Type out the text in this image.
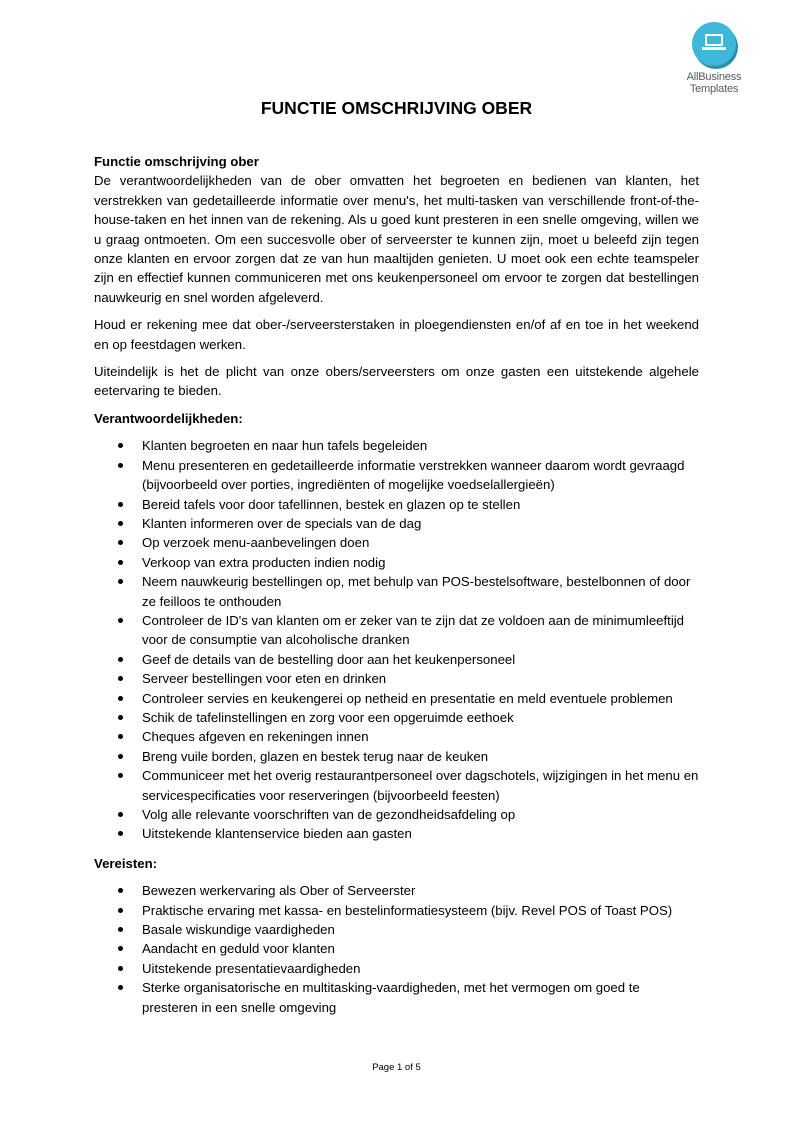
AllBusiness
Templates
FUNCTIE OMSCHRIJVING OBER

Functie omschrijving ober

De verantwoordelijkheden van de ober omvatten het begroeten en bedienen van klanten, het verstrekken van gedetailleerde informatie over menu's, het multi-tasken van verschillende front-of-the-house-taken en het innen van de rekening. Als u goed kunt presteren in een snelle omgeving, willen we u graag ontmoeten. Om een succesvolle ober of serveerster te kunnen zijn, moet u beleefd zijn tegen onze klanten en ervoor zorgen dat ze van hun maaltijden genieten. U moet ook een echte teamspeler zijn en effectief kunnen communiceren met ons keukenpersoneel om ervoor te zorgen dat bestellingen nauwkeurig en snel worden afgeleverd.

Houd er rekening mee dat ober-/serveersterstaken in ploegendiensten en/of af en toe in het weekend en op feestdagen werken.

Uiteindelijk is het de plicht van onze obers/serveersters om onze gasten een uitstekende algehele eetervaring te bieden.

Verantwoordelijkheden:

Klanten begroeten en naar hun tafels begeleiden
Menu presenteren en gedetailleerde informatie verstrekken wanneer daarom wordt gevraagd (bijvoorbeeld over porties, ingrediënten of mogelijke voedselallergieën)
Bereid tafels voor door tafellinnen, bestek en glazen op te stellen
Klanten informeren over de specials van de dag
Op verzoek menu-aanbevelingen doen
Verkoop van extra producten indien nodig
Neem nauwkeurig bestellingen op, met behulp van POS-bestelsoftware, bestelbonnen of door ze feilloos te onthouden
Controleer de ID's van klanten om er zeker van te zijn dat ze voldoen aan de minimumleeftijd voor de consumptie van alcoholische dranken
Geef de details van de bestelling door aan het keukenpersoneel
Serveer bestellingen voor eten en drinken
Controleer servies en keukengerei op netheid en presentatie en meld eventuele problemen
Schik de tafelinstellingen en zorg voor een opgeruimde eethoek
Cheques afgeven en rekeningen innen
Breng vuile borden, glazen en bestek terug naar de keuken
Communiceer met het overig restaurantpersoneel over dagschotels, wijzigingen in het menu en servicespecificaties voor reserveringen (bijvoorbeeld feesten)
Volg alle relevante voorschriften van de gezondheidsafdeling op
Uitstekende klantenservice bieden aan gasten

Vereisten:

Bewezen werkervaring als Ober of Serveerster
Praktische ervaring met kassa- en bestelinformatiesysteem (bijv. Revel POS of Toast POS)
Basale wiskundige vaardigheden
Aandacht en geduld voor klanten
Uitstekende presentatievaardigheden
Sterke organisatorische en multitasking-vaardigheden, met het vermogen om goed te presteren in een snelle omgeving
Page 1 of 5
